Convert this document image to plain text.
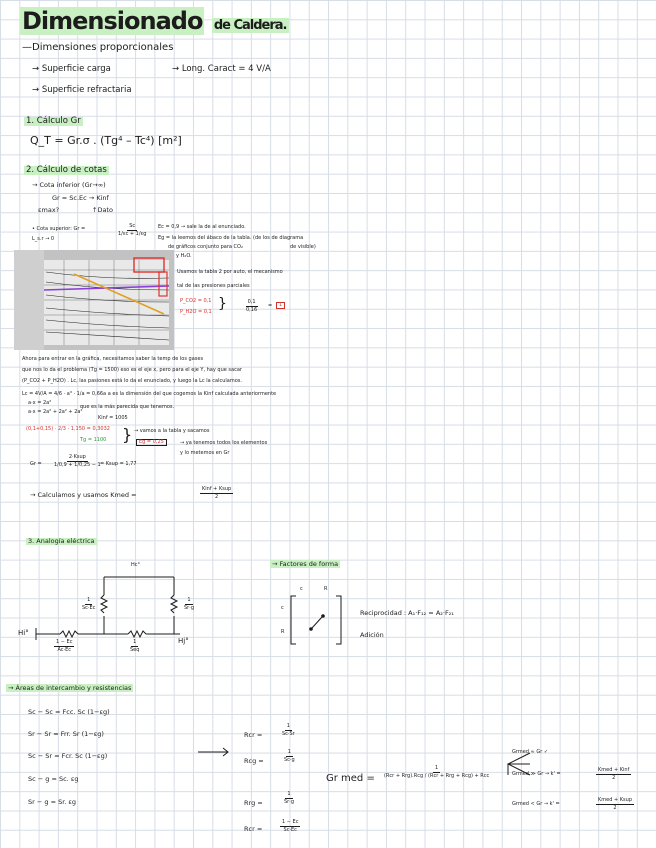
Dimensionado de Caldera.
—Dimensiones proporcionales
→ Superficie carga
→ Superficie refractaria
→ Long. Caract = 4 V/A
1. Cálculo Gr
Q_T = Gr.σ . (Tg⁴ – Tc⁴) [m²]
2. Cálculo de cotas
→ Cota inferior (Gr→∞)
Gr = Sc.Ec → Kinf
↑Dato
εmax?
• Cota superior: Gr =
L_s.r → 0
$\frac{Sc}{1/\varepsilon c + 1/\varepsilon g}$ Ec = 0,9 → sale la de al enunciado.
Eg = la leemos del ábaco de la tabla. (de los de diagrama
de gráficos conjunto para CO₂	de visible)
y H₂O.
Usamos la tabla 2 por auto, el mecanismo
tal de las presiones parciales
P_CO2 = 0,1
P_H2O = 0,1 }	$\frac{0,1}{0,16}$ =	1
Ahora para entrar en la gráfica, necesitamos saber la temp de los gases
que nos lo da el problema (Tg = 1500) eso es el eje x, pero para el eje Y, hay que sacar
(P_CO2 + P_H2O) . Lc, las pasiones está lo da el enunciado, y luego la Lc la calculamos.
Lc = 4V/A = 4/6 · a³ · 1/a = 0,66a a es la dimensión del que cogemos la Kinf calculada anteriormente
a·x = 2a²
que es la más parecida que tenemos.
a·x = 2a² + 2a² + 2a²
Kinf = 1005
(0,1+0,15) · 2/3 · 1,150 = 0,3032
Tg = 1100 } → vamos a la tabla y sacamos
Eg = 0,25	→ ya tenemos todos los elementos
y lo metemos en Gr
Gr =
2·Ksup
1/0,9 + 1/0,25 − 1 = Ksup = 1,77
→ Calculamos y usamos Kmed =
Kinf + Ksup
2
3. Analogía eléctrica
Hc°
Hi°
Hj°
$\frac{1}{Sc\cdot Ec}$	$\frac{1}{Sr\cdot g}$
1
Seq
$\frac{1 - Ec}{Ac\cdot Ec}$
→ Factores de forma
c	R
c
R
Reciprocidad : A₁·F₁₂ = A₂·F₂₁
Adición
→ Áreas de intercambio y resistencias
Sc − Sc = Fcc. Sc (1−εg)
Sr − Sr = Frr. Sr (1−εg)
Sc − Sr = Fcr. Sc (1−εg)
Sc − g = Sc. εg
Sr − g = Sr. εg
Rcr =	$\frac{1}{Sc\cdot Sr}$
Rcg =	$\frac{1}{Sc\cdot g}$
Rrg =	$\frac{1}{Sr\cdot g}$
Rcr =	$\frac{1 - Ec}{Sc\cdot Ec}$
Gr med =
1
(Rcr + Rrg).Rcg / (Rcr + Rrg + Rcg) + Rcc
Grmed ≈ Gr ✓
Grmed ≫ Gr → k' =
Kmed + Kinf
2
Grmed < Gr → k' =
Kmed + Ksup
2
